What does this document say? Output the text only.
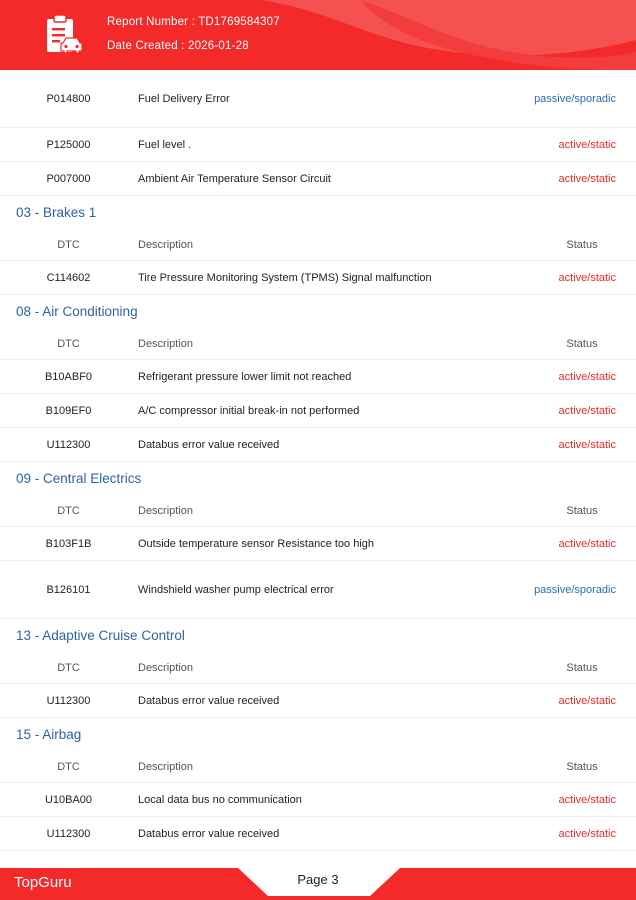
Report Number : TD1769584307
Date Created : 2026-01-28
P014800	Fuel Delivery Error	passive/sporadic
P125000	Fuel level .	active/static
P007000	Ambient Air Temperature Sensor Circuit	active/static
03 - Brakes 1
DTC	Description	Status
C114602	Tire Pressure Monitoring System (TPMS) Signal malfunction	active/static
08 - Air Conditioning
DTC	Description	Status
B10ABF0	Refrigerant pressure lower limit not reached	active/static
B109EF0	A/C compressor initial break-in not performed	active/static
U112300	Databus error value received	active/static
09 - Central Electrics
DTC	Description	Status
B103F1B	Outside temperature sensor Resistance too high	active/static
B126101	Windshield washer pump electrical error	passive/sporadic
13 - Adaptive Cruise Control
DTC	Description	Status
U112300	Databus error value received	active/static
15 - Airbag
DTC	Description	Status
U10BA00	Local data bus no communication	active/static
U112300	Databus error value received	active/static
TopGuru	Page 3
